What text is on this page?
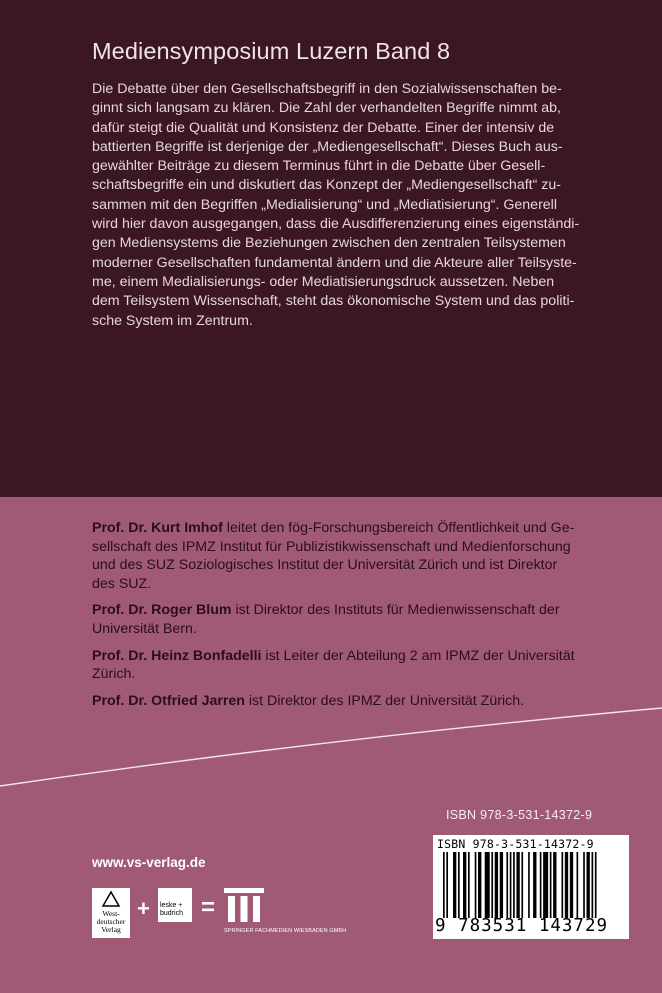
Mediensymposium Luzern Band 8

Die Debatte über den Gesellschaftsbegriff in den Sozialwissenschaften be-
ginnt sich langsam zu klären. Die Zahl der verhandelten Begriffe nimmt ab,
dafür steigt die Qualität und Konsistenz der Debatte. Einer der intensiv de
battierten Begriffe ist derjenige der „Mediengesellschaft“. Dieses Buch aus-
gewählter Beiträge zu diesem Terminus führt in die Debatte über Gesell-
schaftsbegriffe ein und diskutiert das Konzept der „Mediengesellschaft“ zu-
sammen mit den Begriffen „Medialisierung“ und „Mediatisierung“. Generell
wird hier davon ausgegangen, dass die Ausdifferenzierung eines eigenständi-
gen Mediensystems die Beziehungen zwischen den zentralen Teilsystemen
moderner Gesellschaften fundamental ändern und die Akteure aller Teilsyste-
me, einem Medialisierungs- oder Mediatisierungsdruck aussetzen. Neben
dem Teilsystem Wissenschaft, steht das ökonomische System und das politi-
sche System im Zentrum.

Prof. Dr. Kurt Imhof leitet den fög-Forschungsbereich Öffentlichkeit und Ge-
sellschaft des IPMZ Institut für Publizistikwissenschaft und Medienforschung
und des SUZ Soziologisches Institut der Universität Zürich und ist Direktor
des SUZ.

Prof. Dr. Roger Blum ist Direktor des Instituts für Medienwissenschaft der
Universität Bern.

Prof. Dr. Heinz Bonfadelli ist Leiter der Abteilung 2 am IPMZ der Universität
Zürich.

Prof. Dr. Otfried Jarren ist Direktor des IPMZ der Universität Zürich.

ISBN 978-3-531-14372-9
ISBN 978-3-531-14372-9
9 783531 143729
www.vs-verlag.de
West-
deutscher
Verlag
+ leske +
budrich =
SPRINGER FACHMEDIEN WIESBADEN GMBH
